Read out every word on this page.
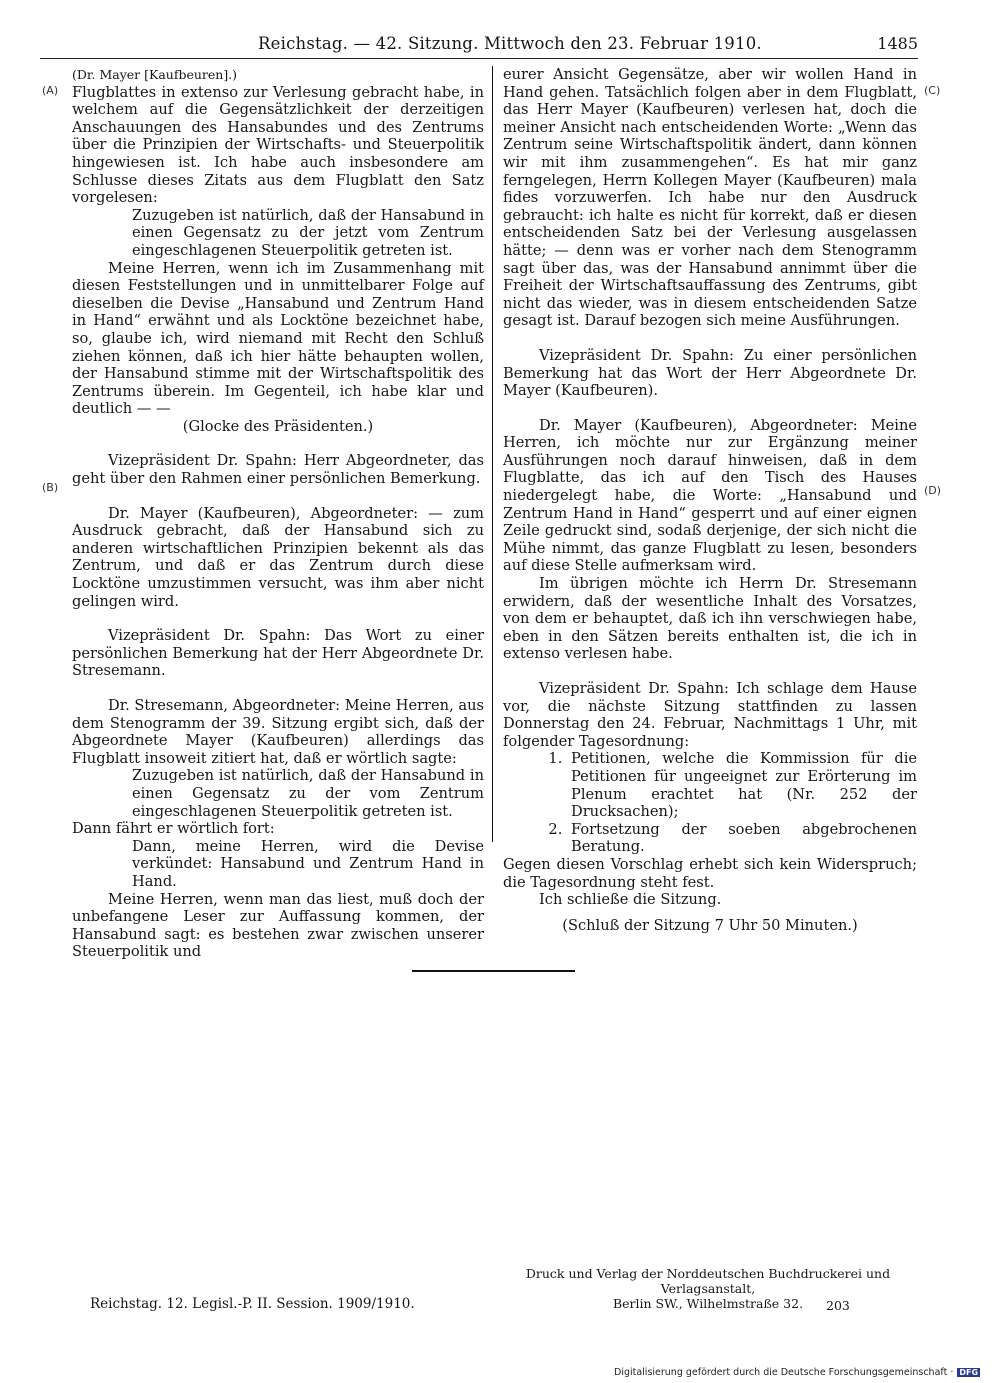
Reichstag. — 42. Sitzung. Mittwoch den 23. Februar 1910.	1485
(A)
(B)
(C)
(D)

(Dr. Mayer [Kaufbeuren].)

Flugblattes in extenso zur Verlesung gebracht habe, in welchem auf die Gegensätzlichkeit der derzeitigen Anschauungen des Hansabundes und des Zentrums über die Prinzipien der Wirtschafts- und Steuerpolitik hingewiesen ist. Ich habe auch insbesondere am Schlusse dieses Zitats aus dem Flugblatt den Satz vorgelesen:

Zuzugeben ist natürlich, daß der Hansabund in einen Gegensatz zu der jetzt vom Zentrum eingeschlagenen Steuerpolitik getreten ist.

Meine Herren, wenn ich im Zusammenhang mit diesen Feststellungen und in unmittelbarer Folge auf dieselben die Devise „Hansabund und Zentrum Hand in Hand“ erwähnt und als Locktöne bezeichnet habe, so, glaube ich, wird niemand mit Recht den Schluß ziehen können, daß ich hier hätte behaupten wollen, der Hansabund stimme mit der Wirtschaftspolitik des Zentrums überein. Im Gegenteil, ich habe klar und deutlich — —

(Glocke des Präsidenten.)

Vizepräsident Dr. Spahn: Herr Abgeordneter, das geht über den Rahmen einer persönlichen Bemerkung.

Dr. Mayer (Kaufbeuren), Abgeordneter: — zum Ausdruck gebracht, daß der Hansabund sich zu anderen wirtschaftlichen Prinzipien bekennt als das Zentrum, und daß er das Zentrum durch diese Locktöne umzustimmen versucht, was ihm aber nicht gelingen wird.

Vizepräsident Dr. Spahn: Das Wort zu einer persönlichen Bemerkung hat der Herr Abgeordnete Dr. Stresemann.

Dr. Stresemann, Abgeordneter: Meine Herren, aus dem Stenogramm der 39. Sitzung ergibt sich, daß der Abgeordnete Mayer (Kaufbeuren) allerdings das Flugblatt insoweit zitiert hat, daß er wörtlich sagte:

Zuzugeben ist natürlich, daß der Hansabund in einen Gegensatz zu der vom Zentrum eingeschlagenen Steuerpolitik getreten ist.

Dann fährt er wörtlich fort:

Dann, meine Herren, wird die Devise verkündet: Hansabund und Zentrum Hand in Hand.

Meine Herren, wenn man das liest, muß doch der unbefangene Leser zur Auffassung kommen, der Hansabund sagt: es bestehen zwar zwischen unserer Steuerpolitik und

eurer Ansicht Gegensätze, aber wir wollen Hand in Hand gehen. Tatsächlich folgen aber in dem Flugblatt, das Herr Mayer (Kaufbeuren) verlesen hat, doch die meiner Ansicht nach entscheidenden Worte: „Wenn das Zentrum seine Wirtschaftspolitik ändert, dann können wir mit ihm zusammengehen“. Es hat mir ganz ferngelegen, Herrn Kollegen Mayer (Kaufbeuren) mala fides vorzuwerfen. Ich habe nur den Ausdruck gebraucht: ich halte es nicht für korrekt, daß er diesen entscheidenden Satz bei der Verlesung ausgelassen hätte; — denn was er vorher nach dem Stenogramm sagt über das, was der Hansabund annimmt über die Freiheit der Wirtschaftsauffassung des Zentrums, gibt nicht das wieder, was in diesem entscheidenden Satze gesagt ist. Darauf bezogen sich meine Ausführungen.

Vizepräsident Dr. Spahn: Zu einer persönlichen Bemerkung hat das Wort der Herr Abgeordnete Dr. Mayer (Kaufbeuren).

Dr. Mayer (Kaufbeuren), Abgeordneter: Meine Herren, ich möchte nur zur Ergänzung meiner Ausführungen noch darauf hinweisen, daß in dem Flugblatte, das ich auf den Tisch des Hauses niedergelegt habe, die Worte: „Hansabund und Zentrum Hand in Hand“ gesperrt und auf einer eignen Zeile gedruckt sind, sodaß derjenige, der sich nicht die Mühe nimmt, das ganze Flugblatt zu lesen, besonders auf diese Stelle aufmerksam wird.

Im übrigen möchte ich Herrn Dr. Stresemann erwidern, daß der wesentliche Inhalt des Vorsatzes, von dem er behauptet, daß ich ihn verschwiegen habe, eben in den Sätzen bereits enthalten ist, die ich in extenso verlesen habe.

Vizepräsident Dr. Spahn: Ich schlage dem Hause vor, die nächste Sitzung stattfinden zu lassen Donnerstag den 24. Februar, Nachmittags 1 Uhr, mit folgender Tagesordnung:

1. Petitionen, welche die Kommission für die Petitionen für ungeeignet zur Erörterung im Plenum erachtet hat (Nr. 252 der Drucksachen);
2. Fortsetzung der soeben abgebrochenen Beratung.

Gegen diesen Vorschlag erhebt sich kein Widerspruch; die Tagesordnung steht fest.

Ich schließe die Sitzung.

(Schluß der Sitzung 7 Uhr 50 Minuten.)

Druck und Verlag der Norddeutschen Buchdruckerei und Verlagsanstalt,
Berlin SW., Wilhelmstraße 32.
Reichstag. 12. Legisl.-P. II. Session. 1909/1910.	203
Digitalisierung gefördert durch die Deutsche Forschungsgemeinschaft · DFG
